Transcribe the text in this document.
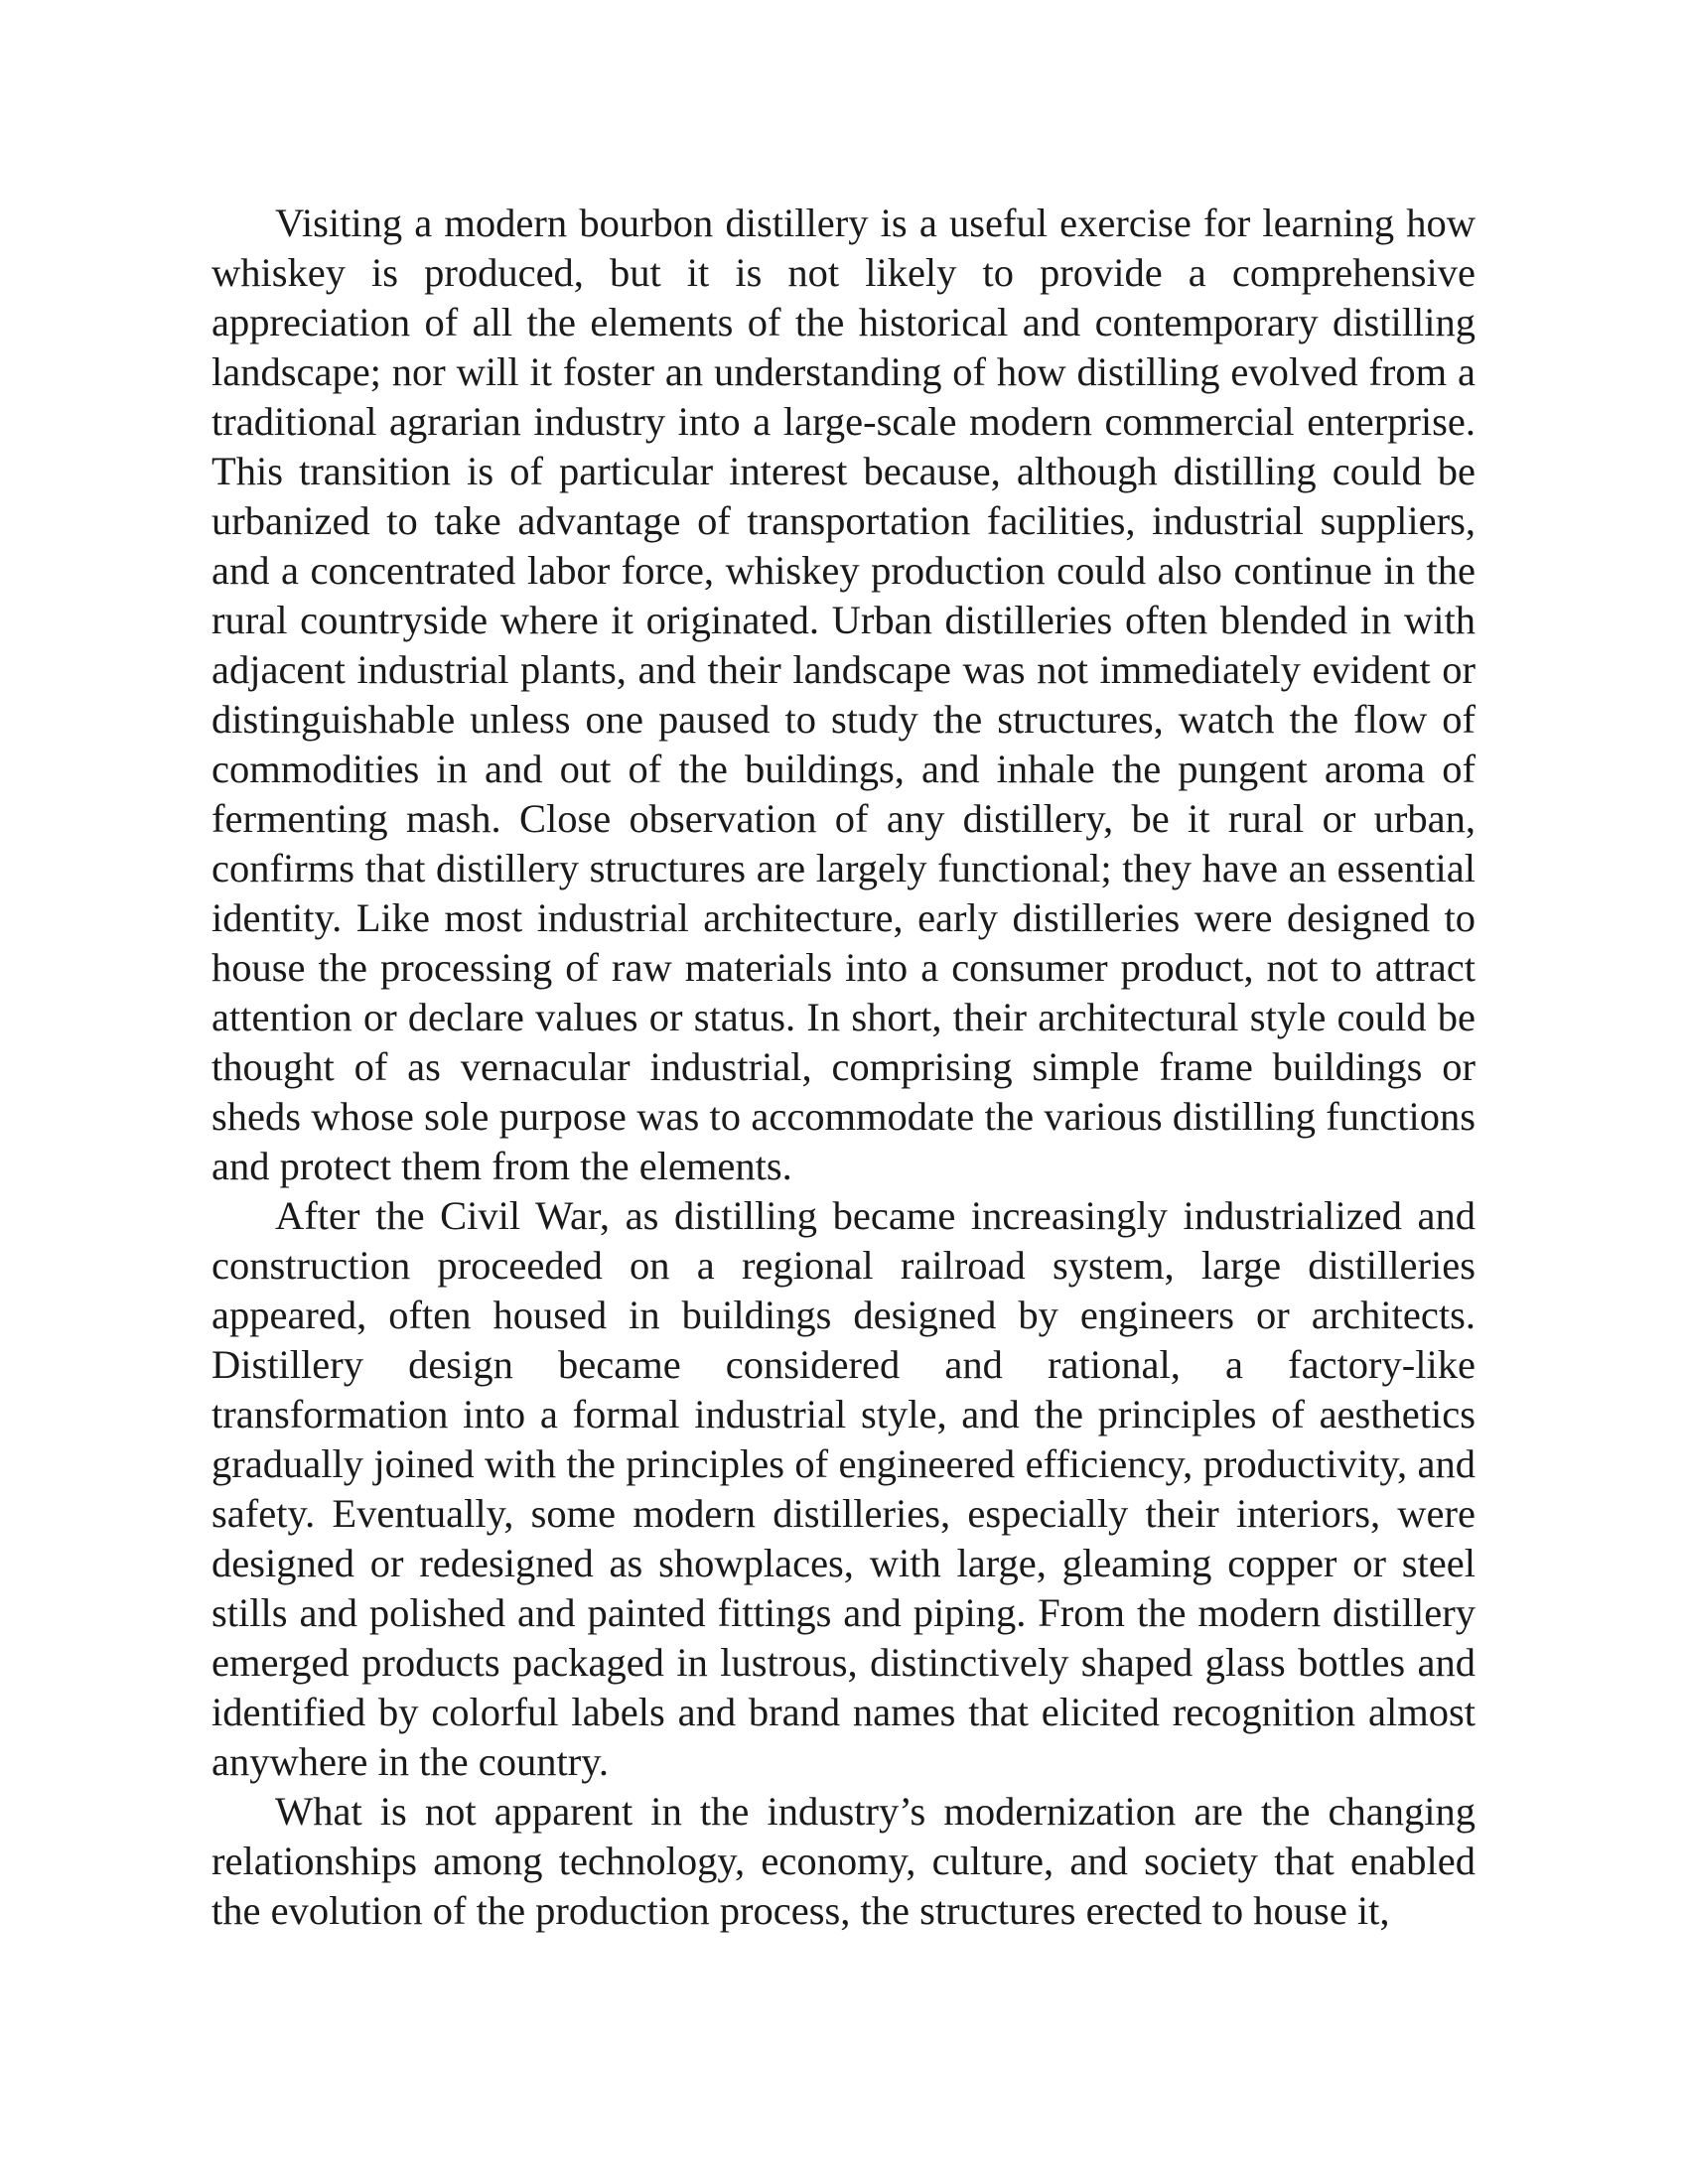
Visiting a modern bourbon distillery is a useful exercise for learning how whiskey is produced, but it is not likely to provide a comprehensive appreciation of all the elements of the historical and contemporary distilling landscape; nor will it foster an understanding of how distilling evolved from a traditional agrarian industry into a large-scale modern commercial enterprise. This transition is of particular interest because, although distilling could be urbanized to take advantage of transportation facilities, industrial suppliers, and a concentrated labor force, whiskey production could also continue in the rural countryside where it originated. Urban distilleries often blended in with adjacent industrial plants, and their landscape was not immediately evident or distinguishable unless one paused to study the structures, watch the flow of commodities in and out of the buildings, and inhale the pungent aroma of fermenting mash. Close observation of any distillery, be it rural or urban, confirms that distillery structures are largely functional; they have an essential identity. Like most industrial architecture, early distilleries were designed to house the processing of raw materials into a consumer product, not to attract attention or declare values or status. In short, their architectural style could be thought of as vernacular industrial, comprising simple frame buildings or sheds whose sole purpose was to accommodate the various distilling functions and protect them from the elements.

After the Civil War, as distilling became increasingly industrialized and construction proceeded on a regional railroad system, large distilleries appeared, often housed in buildings designed by engineers or architects. Distillery design became considered and rational, a factory-like transformation into a formal industrial style, and the principles of aesthetics gradually joined with the principles of engineered efficiency, productivity, and safety. Eventually, some modern distilleries, especially their interiors, were designed or redesigned as showplaces, with large, gleaming copper or steel stills and polished and painted fittings and piping. From the modern distillery emerged products packaged in lustrous, distinctively shaped glass bottles and identified by colorful labels and brand names that elicited recognition almost anywhere in the country.

What is not apparent in the industry’s modernization are the changing relationships among technology, economy, culture, and society that enabled the evolution of the production process, the structures erected to house it,
